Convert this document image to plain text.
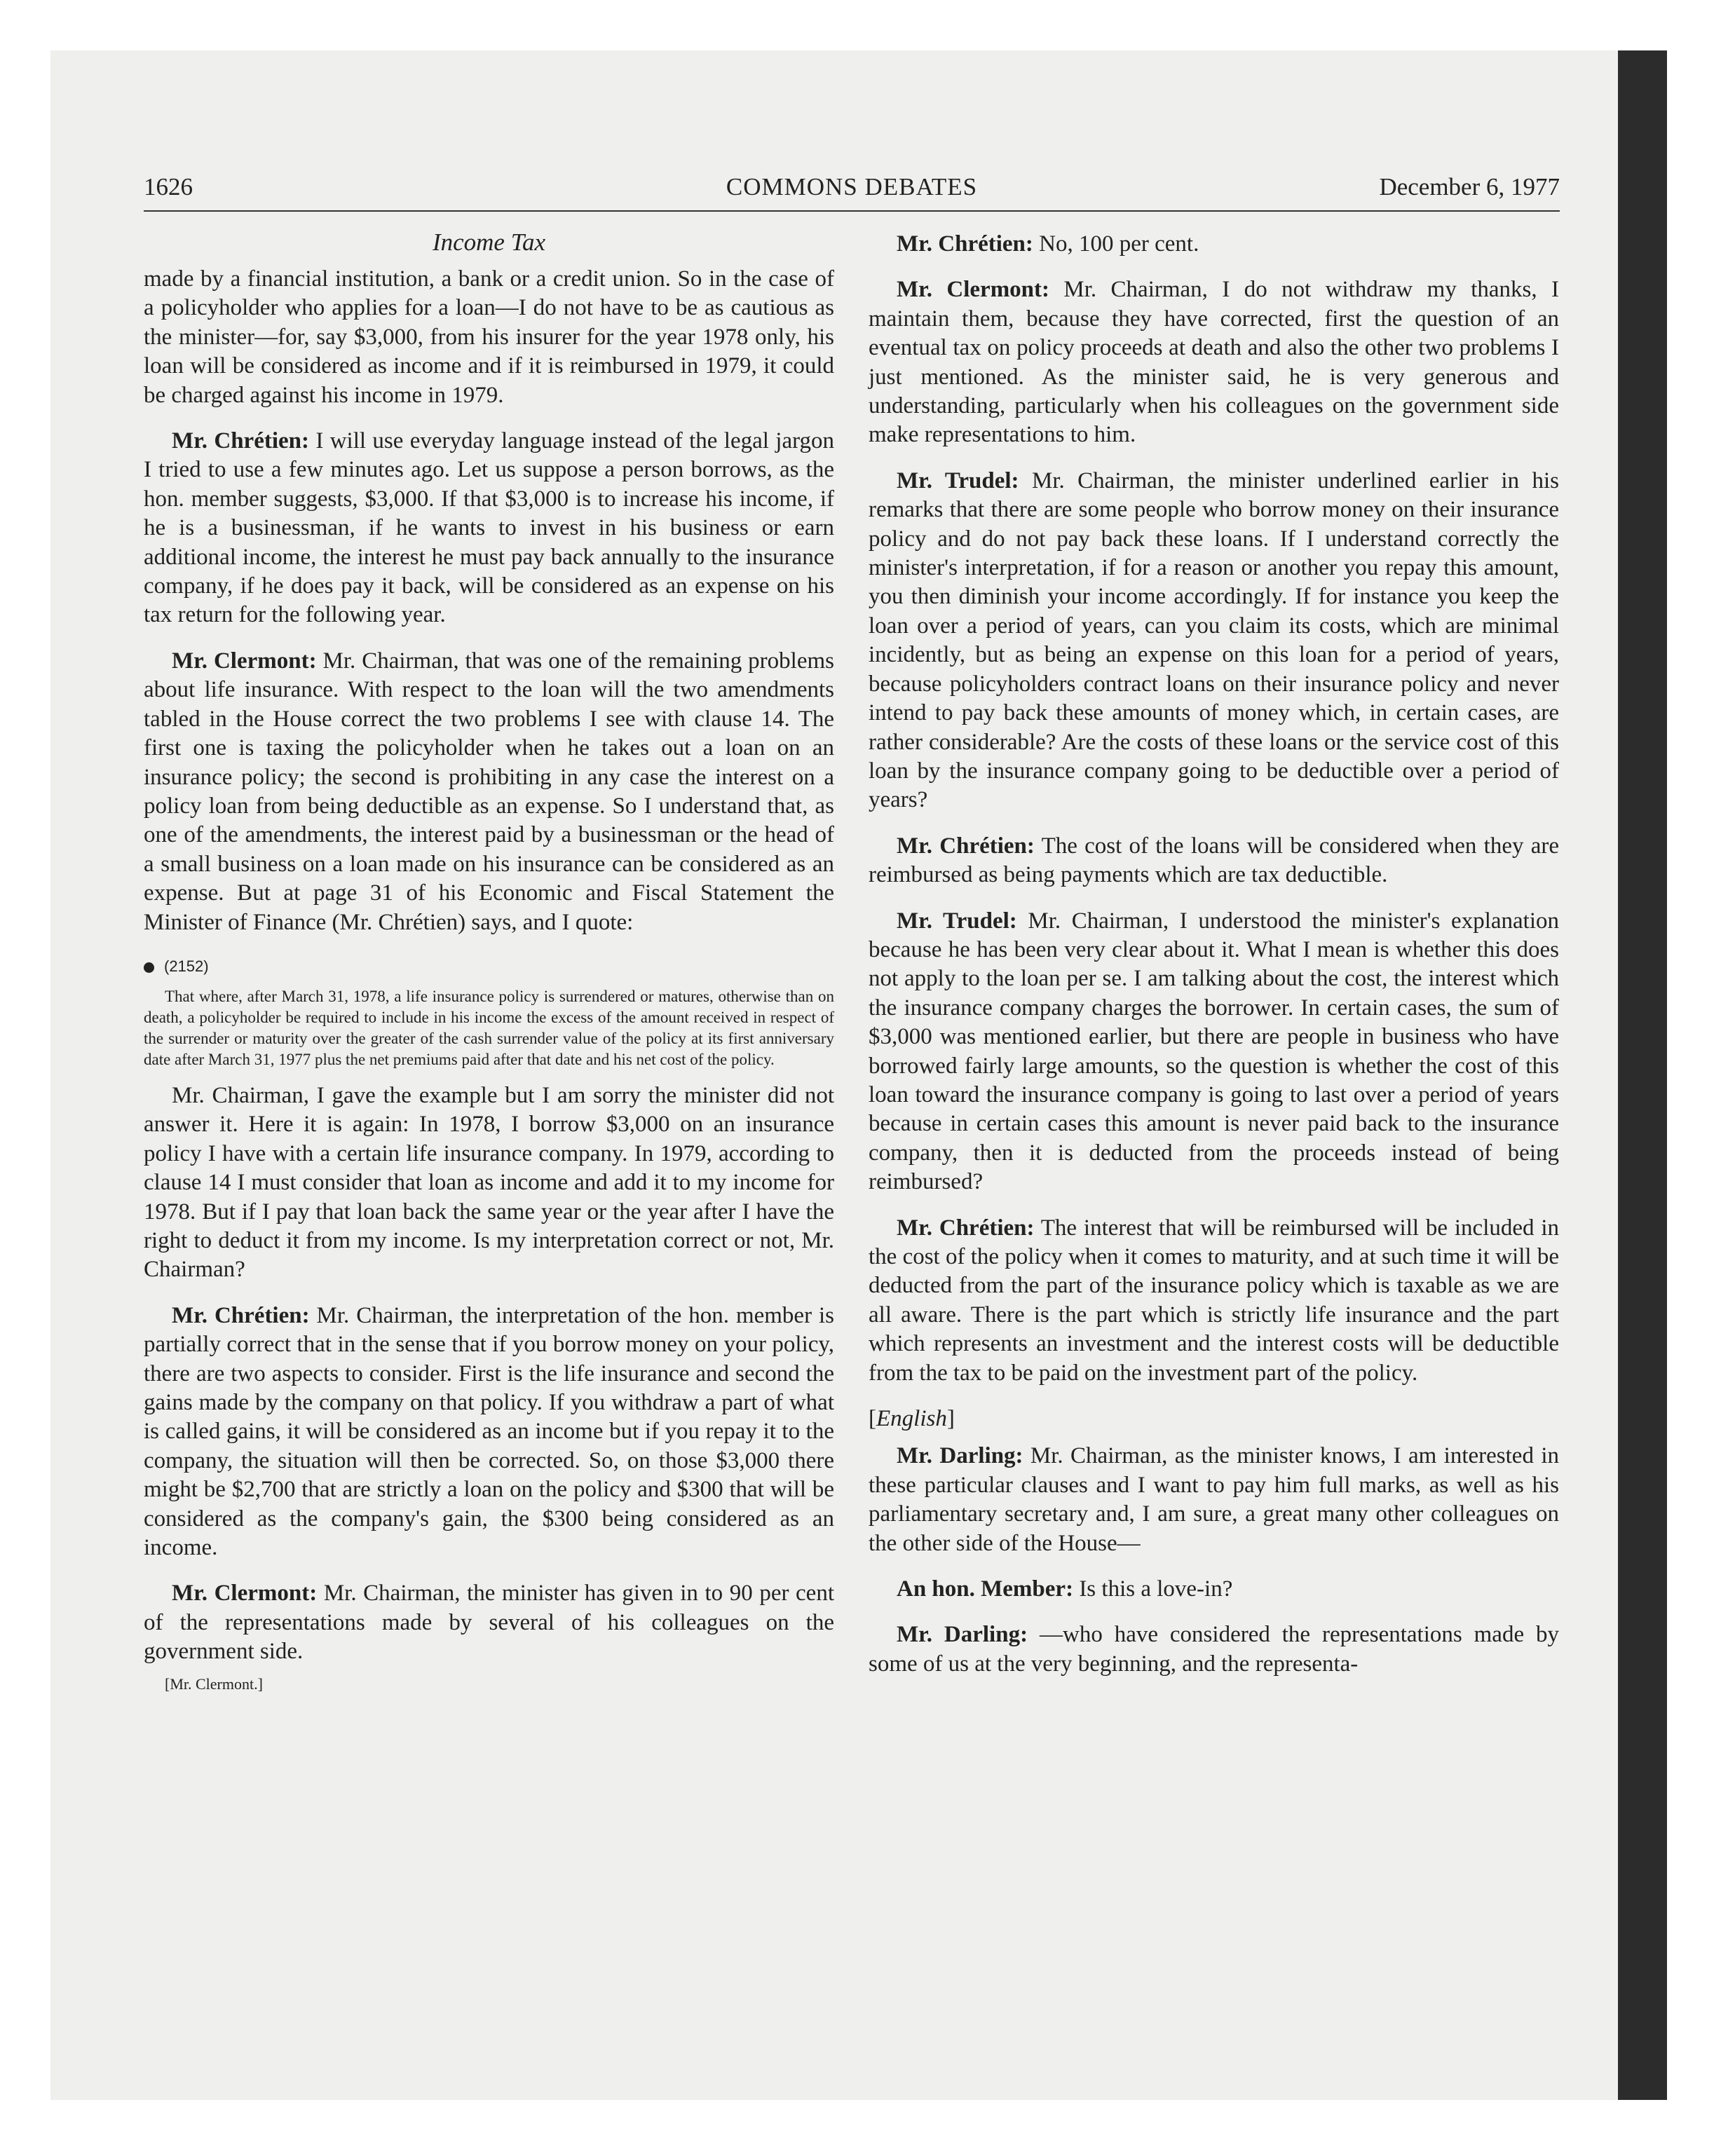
1626	COMMONS DEBATES	December 6, 1977
Income Tax

made by a financial institution, a bank or a credit union. So in the case of a policyholder who applies for a loan—I do not have to be as cautious as the minister—for, say $3,000, from his insurer for the year 1978 only, his loan will be considered as income and if it is reimbursed in 1979, it could be charged against his income in 1979.

Mr. Chrétien: I will use everyday language instead of the legal jargon I tried to use a few minutes ago. Let us suppose a person borrows, as the hon. member suggests, $3,000. If that $3,000 is to increase his income, if he is a businessman, if he wants to invest in his business or earn additional income, the interest he must pay back annually to the insurance company, if he does pay it back, will be considered as an expense on his tax return for the following year.

Mr. Clermont: Mr. Chairman, that was one of the remaining problems about life insurance. With respect to the loan will the two amendments tabled in the House correct the two problems I see with clause 14. The first one is taxing the policyholder when he takes out a loan on an insurance policy; the second is prohibiting in any case the interest on a policy loan from being deductible as an expense. So I understand that, as one of the amendments, the interest paid by a businessman or the head of a small business on a loan made on his insurance can be considered as an expense. But at page 31 of his Economic and Fiscal Statement the Minister of Finance (Mr. Chrétien) says, and I quote:

(2152)

That where, after March 31, 1978, a life insurance policy is surrendered or matures, otherwise than on death, a policyholder be required to include in his income the excess of the amount received in respect of the surrender or maturity over the greater of the cash surrender value of the policy at its first anniversary date after March 31, 1977 plus the net premiums paid after that date and his net cost of the policy.

Mr. Chairman, I gave the example but I am sorry the minister did not answer it. Here it is again: In 1978, I borrow $3,000 on an insurance policy I have with a certain life insurance company. In 1979, according to clause 14 I must consider that loan as income and add it to my income for 1978. But if I pay that loan back the same year or the year after I have the right to deduct it from my income. Is my interpretation correct or not, Mr. Chairman?

Mr. Chrétien: Mr. Chairman, the interpretation of the hon. member is partially correct that in the sense that if you borrow money on your policy, there are two aspects to consider. First is the life insurance and second the gains made by the company on that policy. If you withdraw a part of what is called gains, it will be considered as an income but if you repay it to the company, the situation will then be corrected. So, on those $3,000 there might be $2,700 that are strictly a loan on the policy and $300 that will be considered as the company's gain, the $300 being considered as an income.

Mr. Clermont: Mr. Chairman, the minister has given in to 90 per cent of the representations made by several of his colleagues on the government side.

[Mr. Clermont.]

Mr. Chrétien: No, 100 per cent.

Mr. Clermont: Mr. Chairman, I do not withdraw my thanks, I maintain them, because they have corrected, first the question of an eventual tax on policy proceeds at death and also the other two problems I just mentioned. As the minister said, he is very generous and understanding, particularly when his colleagues on the government side make representations to him.

Mr. Trudel: Mr. Chairman, the minister underlined earlier in his remarks that there are some people who borrow money on their insurance policy and do not pay back these loans. If I understand correctly the minister's interpretation, if for a reason or another you repay this amount, you then diminish your income accordingly. If for instance you keep the loan over a period of years, can you claim its costs, which are minimal incidently, but as being an expense on this loan for a period of years, because policyholders contract loans on their insurance policy and never intend to pay back these amounts of money which, in certain cases, are rather considerable? Are the costs of these loans or the service cost of this loan by the insurance company going to be deductible over a period of years?

Mr. Chrétien: The cost of the loans will be considered when they are reimbursed as being payments which are tax deductible.

Mr. Trudel: Mr. Chairman, I understood the minister's explanation because he has been very clear about it. What I mean is whether this does not apply to the loan per se. I am talking about the cost, the interest which the insurance company charges the borrower. In certain cases, the sum of $3,000 was mentioned earlier, but there are people in business who have borrowed fairly large amounts, so the question is whether the cost of this loan toward the insurance company is going to last over a period of years because in certain cases this amount is never paid back to the insurance company, then it is deducted from the proceeds instead of being reimbursed?

Mr. Chrétien: The interest that will be reimbursed will be included in the cost of the policy when it comes to maturity, and at such time it will be deducted from the part of the insurance policy which is taxable as we are all aware. There is the part which is strictly life insurance and the part which represents an investment and the interest costs will be deductible from the tax to be paid on the investment part of the policy.

[English]

Mr. Darling: Mr. Chairman, as the minister knows, I am interested in these particular clauses and I want to pay him full marks, as well as his parliamentary secretary and, I am sure, a great many other colleagues on the other side of the House—

An hon. Member: Is this a love-in?

Mr. Darling: —who have considered the representations made by some of us at the very beginning, and the representa-
